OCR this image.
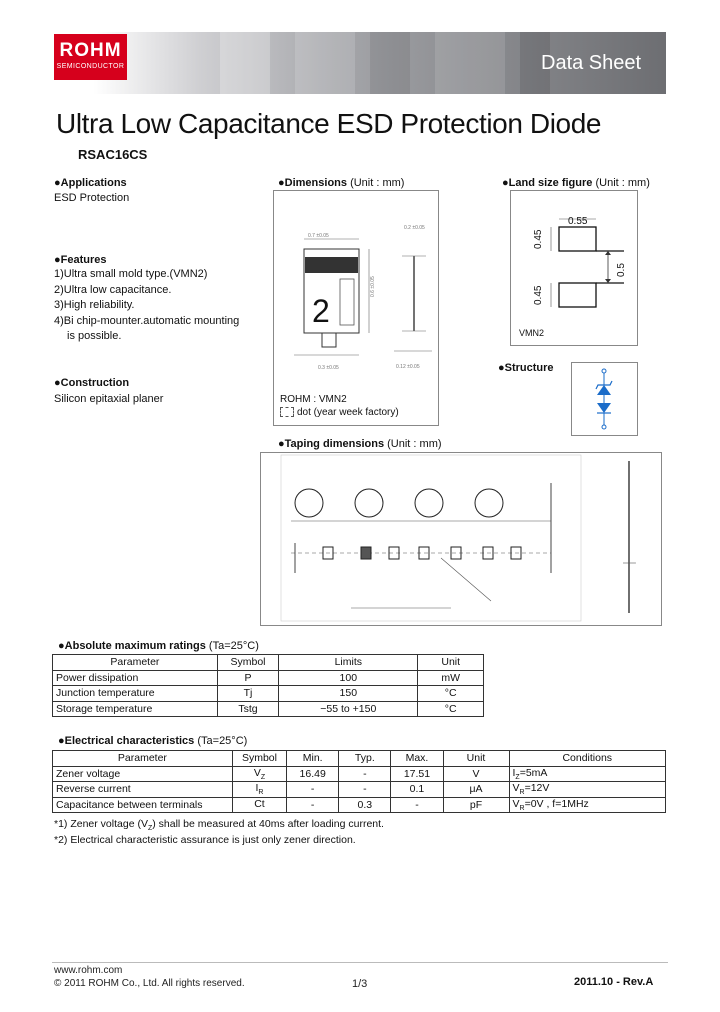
ROHM
SEMICONDUCTOR	Data Sheet
Ultra Low Capacitance ESD Protection Diode
RSAC16CS
●Applications
ESD Protection
●Features
1)Ultra small mold type.(VMN2)
2)Ultra low capacitance.
3)High reliability.
4)Bi chip-mounter.automatic mounting
is possible.
●Construction
Silicon epitaxial planer
●Dimensions (Unit : mm)
2
0.7 ±0.05
0.6 ±0.05
0.2 ±0.05
0.3 ±0.05	0.12 ±0.05
ROHM : VMN2
dot (year week factory)
●Land size figure (Unit : mm)
0.55
0.45
0.45
0.5
VMN2
●Structure
●Taping dimensions (Unit : mm)
●Absolute maximum ratings (Ta=25°C)
Parameter	Symbol	Limits	Unit
Power dissipation	P	100	mW
Junction temperature	Tj	150	°C
Storage temperature	Tstg	−55 to +150	°C
●Electrical characteristics (Ta=25°C)
Parameter	Symbol	Min.	Typ.	Max.	Unit	Conditions
Zener voltage	$V_Z$	16.49	-	17.51	V	$I_Z=5mA$
Reverse current	$I_R$	-	-	0.1	μA	$V_R=12V$
Capacitance between terminals	Ct	-	0.3	-	pF	$V_R=0V$ , f=1MHz
*1) Zener voltage $(V_Z)$ shall be measured at 40ms after loading current.
*2) Electrical characteristic assurance is just only zener direction.
www.rohm.com
© 2011 ROHM Co., Ltd. All rights reserved.	1/3	2011.10 - Rev.A
